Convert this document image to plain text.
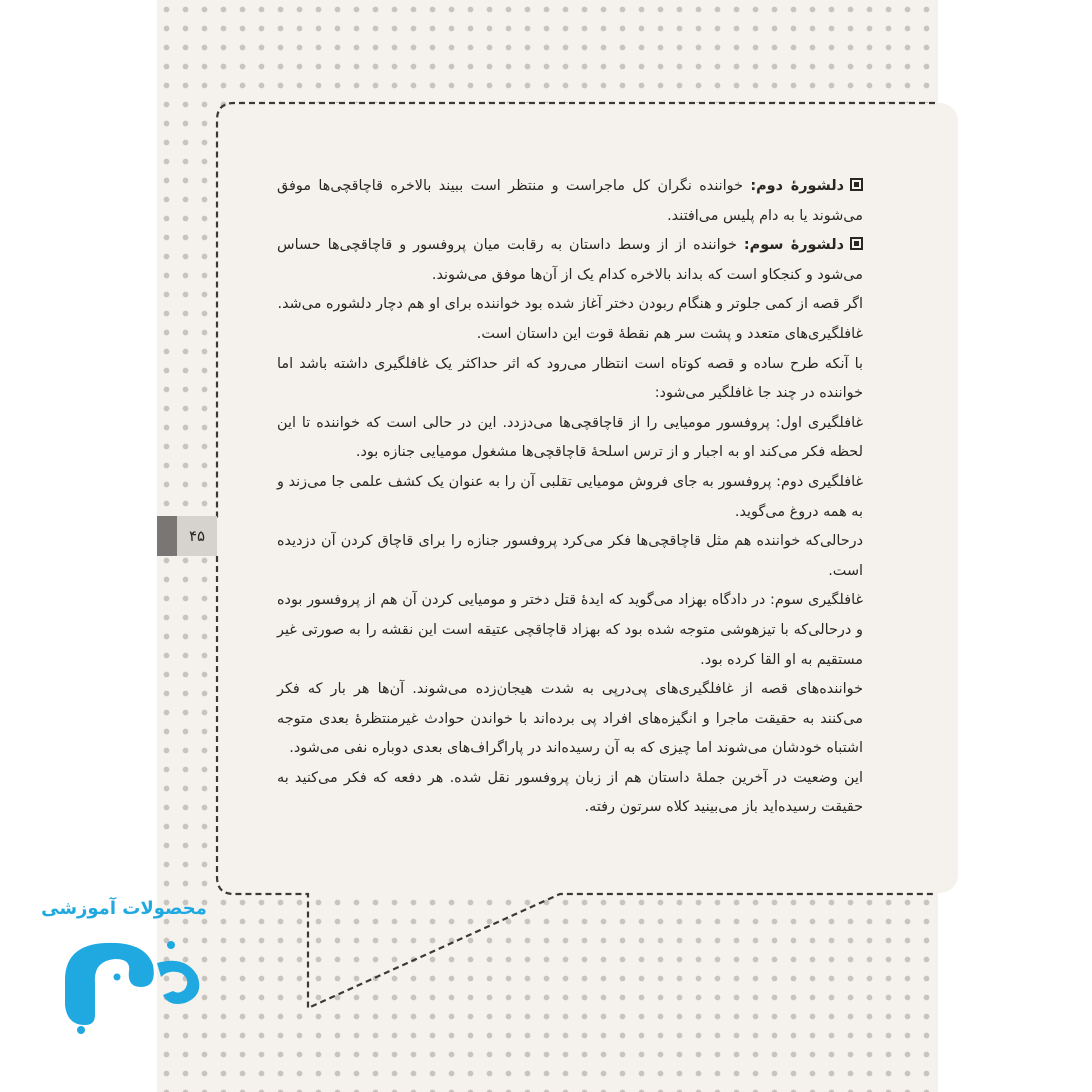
۴۵

دلشورهٔ دوم: خواننده نگران کل ماجراست و منتظر است ببیند بالاخره قاچاقچی‌ها موفق می‌شوند یا به دام پلیس می‌افتند.

دلشورهٔ سوم: خواننده از از وسط داستان به رقابت میان پروفسور و قاچاقچی‌ها حساس می‌شود و کنجکاو است که بداند بالاخره کدام یک از آن‌ها موفق می‌شوند.

اگر قصه از کمی جلوتر و هنگام ربودن دختر آغاز شده بود خواننده برای او هم دچار دلشوره می‌شد.

غافلگیری‌های متعدد و پشت سر هم نقطهٔ قوت این داستان است.

با آنکه طرح ساده و قصه کوتاه است انتظار می‌رود که اثر حداکثر یک غافلگیری داشته باشد اما خواننده در چند جا غافلگیر می‌شود:

غافلگیری اول: پروفسور مومیایی را از قاچاقچی‌ها می‌دزدد. این در حالی است که خواننده تا این لحظه فکر می‌کند او به اجبار و از ترس اسلحهٔ قاچاقچی‌ها مشغول مومیایی جنازه بود.

غافلگیری دوم: پروفسور به جای فروش مومیایی تقلبی آن را به عنوان یک کشف علمی جا می‌زند و به همه دروغ می‌گوید.

درحالی‌که خواننده هم مثل قاچاقچی‌ها فکر می‌کرد پروفسور جنازه را برای قاچاق کردن آن دزدیده است.

غافلگیری سوم: در دادگاه بهزاد می‌گوید که ایدهٔ قتل دختر و مومیایی کردن آن هم از پروفسور بوده و درحالی‌که با تیزهوشی متوجه شده بود که بهزاد قاچاقچی عتیقه است این نقشه را به صورتی غیر مستقیم به او القا کرده بود.

خواننده‌های قصه از غافلگیری‌های پی‌درپی به شدت هیجان‌زده می‌شوند. آن‌ها هر بار که فکر می‌کنند به حقیقت ماجرا و انگیزه‌های افراد پی برده‌اند با خواندن حوادث غیرمنتظرهٔ بعدی متوجه اشتباه خودشان می‌شوند اما چیزی که به آن رسیده‌اند در پاراگراف‌های بعدی دوباره نفی می‌شود.

این وضعیت در آخرین جملهٔ داستان هم از زبان پروفسور نقل شده. هر دفعه که فکر می‌کنید به حقیقت رسیده‌اید باز می‌بینید کلاه سرتون رفته.

محصولات آموزشی
